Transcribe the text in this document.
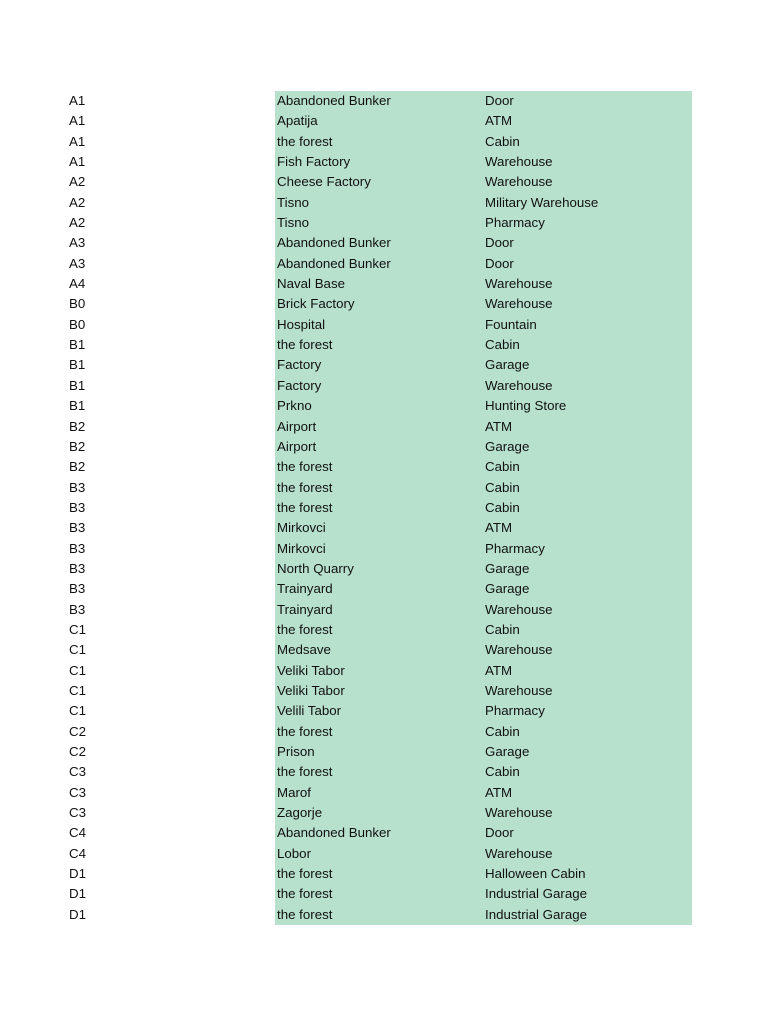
A1	Abandoned Bunker	Door
A1	Apatija	ATM
A1	the forest	Cabin
A1	Fish Factory	Warehouse
A2	Cheese Factory	Warehouse
A2	Tisno	Military Warehouse
A2	Tisno	Pharmacy
A3	Abandoned Bunker	Door
A3	Abandoned Bunker	Door
A4	Naval Base	Warehouse
B0	Brick Factory	Warehouse
B0	Hospital	Fountain
B1	the forest	Cabin
B1	Factory	Garage
B1	Factory	Warehouse
B1	Prkno	Hunting Store
B2	Airport	ATM
B2	Airport	Garage
B2	the forest	Cabin
B3	the forest	Cabin
B3	the forest	Cabin
B3	Mirkovci	ATM
B3	Mirkovci	Pharmacy
B3	North Quarry	Garage
B3	Trainyard	Garage
B3	Trainyard	Warehouse
C1	the forest	Cabin
C1	Medsave	Warehouse
C1	Veliki Tabor	ATM
C1	Veliki Tabor	Warehouse
C1	Velili Tabor	Pharmacy
C2	the forest	Cabin
C2	Prison	Garage
C3	the forest	Cabin
C3	Marof	ATM
C3	Zagorje	Warehouse
C4	Abandoned Bunker	Door
C4	Lobor	Warehouse
D1	the forest	Halloween Cabin
D1	the forest	Industrial Garage
D1	the forest	Industrial Garage
